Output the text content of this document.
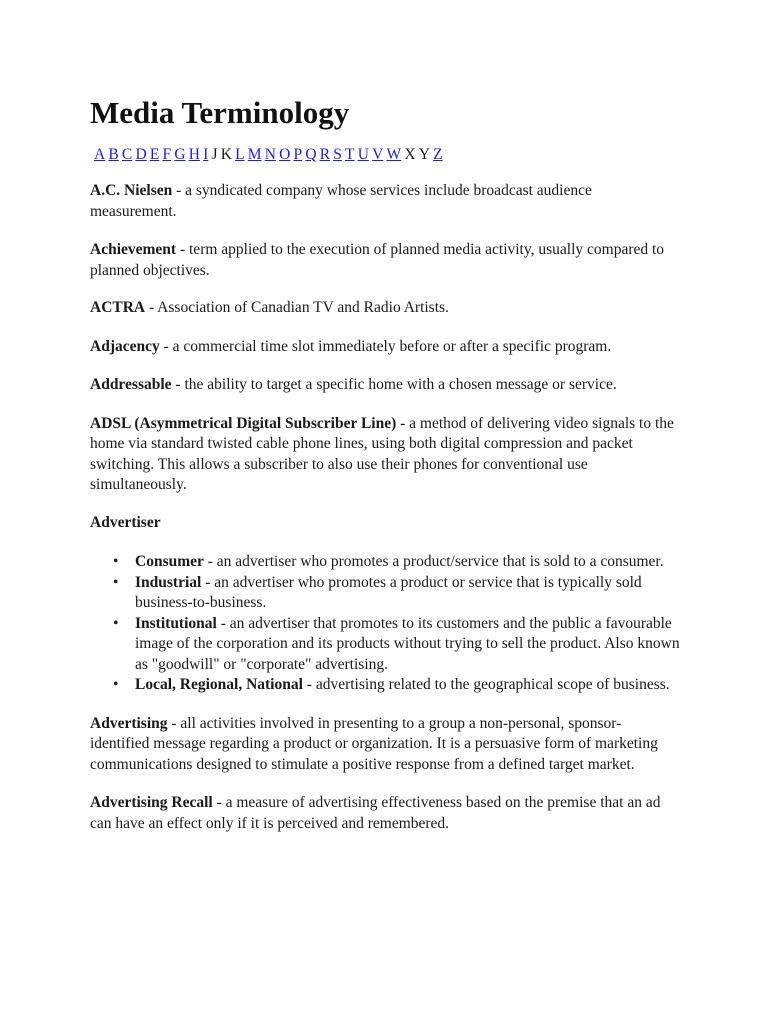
Media Terminology
A B C D E F G H I J K L M N O P Q R S T U V W X Y Z

A.C. Nielsen - a syndicated company whose services include broadcast audience measurement.

Achievement - term applied to the execution of planned media activity, usually compared to planned objectives.

ACTRA - Association of Canadian TV and Radio Artists.

Adjacency - a commercial time slot immediately before or after a specific program.

Addressable - the ability to target a specific home with a chosen message or service.

ADSL (Asymmetrical Digital Subscriber Line) - a method of delivering video signals to the home via standard twisted cable phone lines, using both digital compression and packet switching. This allows a subscriber to also use their phones for conventional use simultaneously.

Advertiser

• Consumer - an advertiser who promotes a product/service that is sold to a consumer.
• Industrial - an advertiser who promotes a product or service that is typically sold business-to-business.
• Institutional - an advertiser that promotes to its customers and the public a favourable image of the corporation and its products without trying to sell the product. Also known as "goodwill" or "corporate" advertising.
• Local, Regional, National - advertising related to the geographical scope of business.

Advertising - all activities involved in presenting to a group a non-personal, sponsor-identified message regarding a product or organization. It is a persuasive form of marketing communications designed to stimulate a positive response from a defined target market.

Advertising Recall - a measure of advertising effectiveness based on the premise that an ad can have an effect only if it is perceived and remembered.
